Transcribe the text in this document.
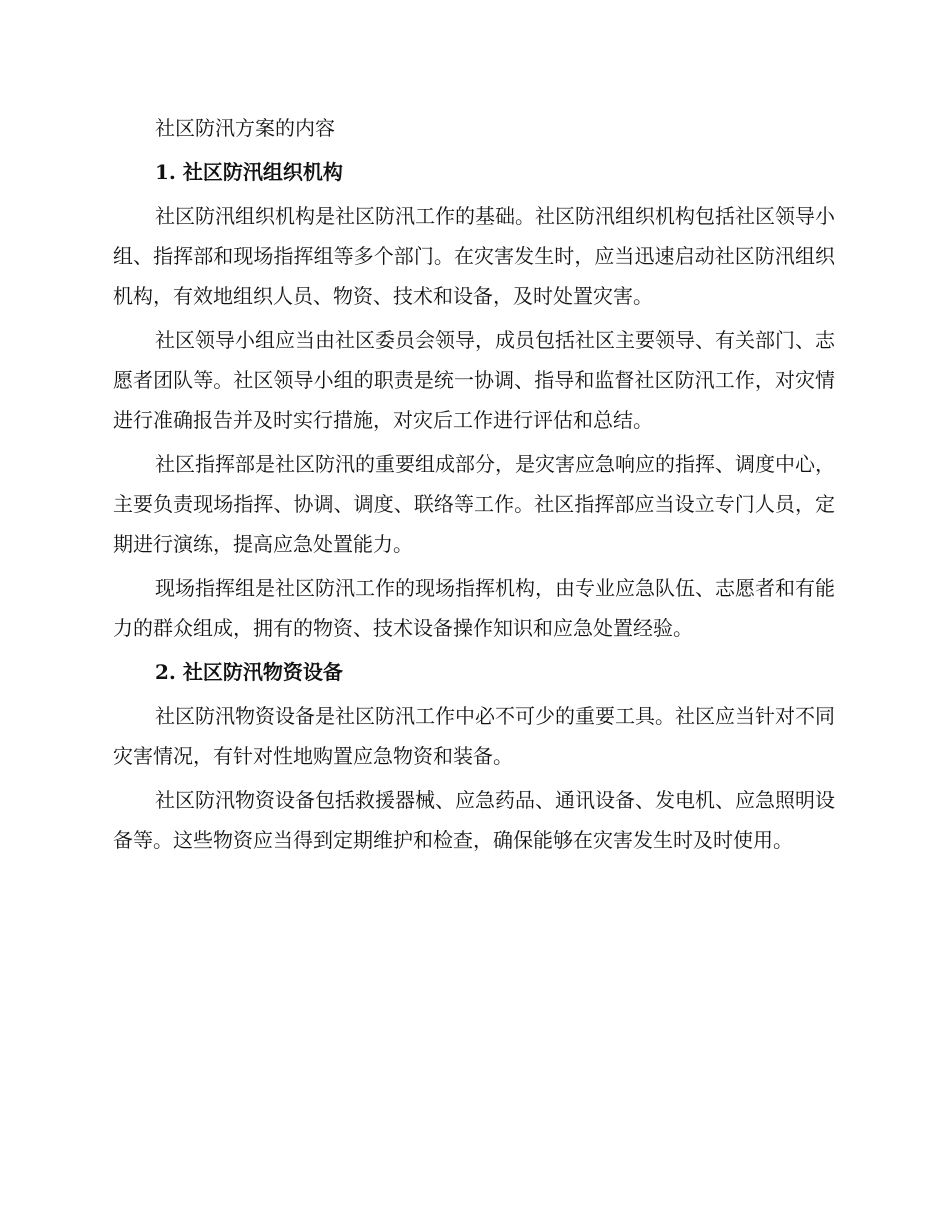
社区防汛方案的内容
1. 社区防汛组织机构

社区防汛组织机构是社区防汛工作的基础。社区防汛组织机构包括社区领导小组、指挥部和现场指挥组等多个部门。在灾害发生时，应当迅速启动社区防汛组织机构，有效地组织人员、物资、技术和设备，及时处置灾害。

社区领导小组应当由社区委员会领导，成员包括社区主要领导、有关部门、志愿者团队等。社区领导小组的职责是统一协调、指导和监督社区防汛工作，对灾情进行准确报告并及时实行措施，对灾后工作进行评估和总结。

社区指挥部是社区防汛的重要组成部分，是灾害应急响应的指挥、调度中心，主要负责现场指挥、协调、调度、联络等工作。社区指挥部应当设立专门人员，定期进行演练，提高应急处置能力。

现场指挥组是社区防汛工作的现场指挥机构，由专业应急队伍、志愿者和有能力的群众组成，拥有的物资、技术设备操作知识和应急处置经验。

2. 社区防汛物资设备

社区防汛物资设备是社区防汛工作中必不可少的重要工具。社区应当针对不同灾害情况，有针对性地购置应急物资和装备。

社区防汛物资设备包括救援器械、应急药品、通讯设备、发电机、应急照明设备等。这些物资应当得到定期维护和检查，确保能够在灾害发生时及时使用。
